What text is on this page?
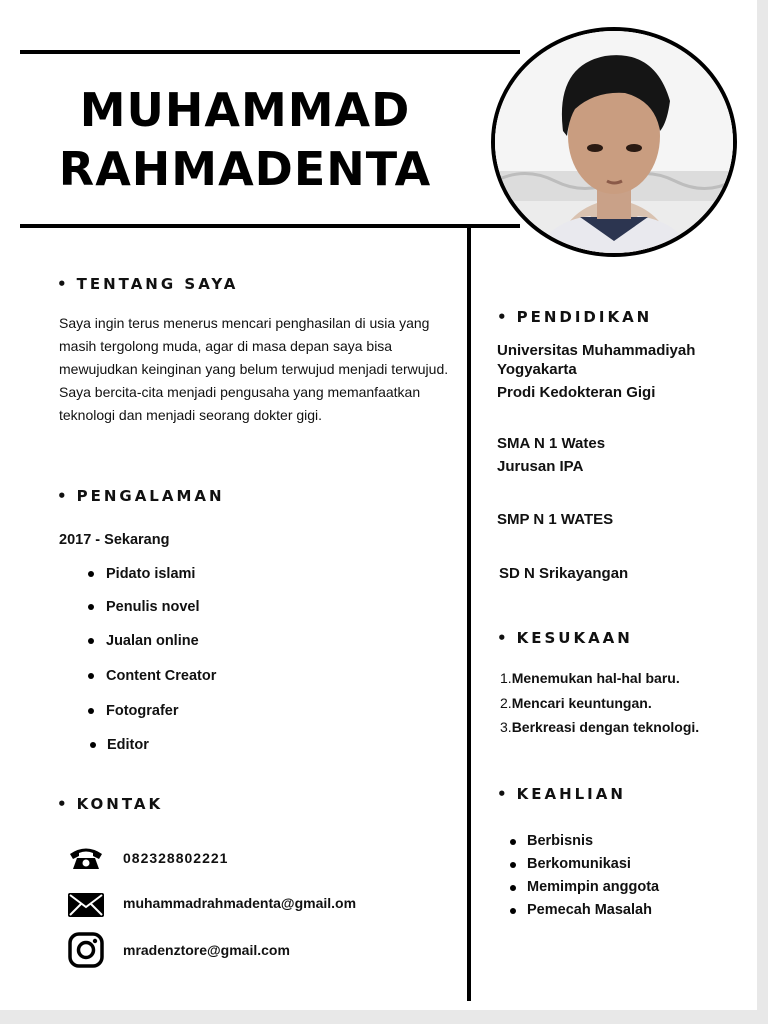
MUHAMMAD
RAHMADENTA
• TENTANG SAYA
Saya ingin terus menerus mencari penghasilan di usia yang masih tergolong muda, agar di masa depan saya bisa mewujudkan keinginan yang belum terwujud menjadi terwujud. Saya bercita-cita menjadi pengusaha yang memanfaatkan teknologi dan menjadi seorang dokter gigi.
• PENGALAMAN
2017 - Sekarang
Pidato islami
Penulis novel
Jualan online
Content Creator
Fotografer
Editor
• KONTAK
082328802221
muhammadrahmadenta@gmail.om
mradenztore@gmail.com
• PENDIDIKAN
Universitas Muhammadiyah
Yogyakarta
Prodi Kedokteran Gigi
SMA N 1 Wates
Jurusan IPA
SMP N 1 WATES
SD N Srikayangan
• KESUKAAN
1.Menemukan hal-hal baru.
2.Mencari keuntungan.
3.Berkreasi dengan teknologi.
• KEAHLIAN
Berbisnis
Berkomunikasi
Memimpin anggota
Pemecah Masalah
